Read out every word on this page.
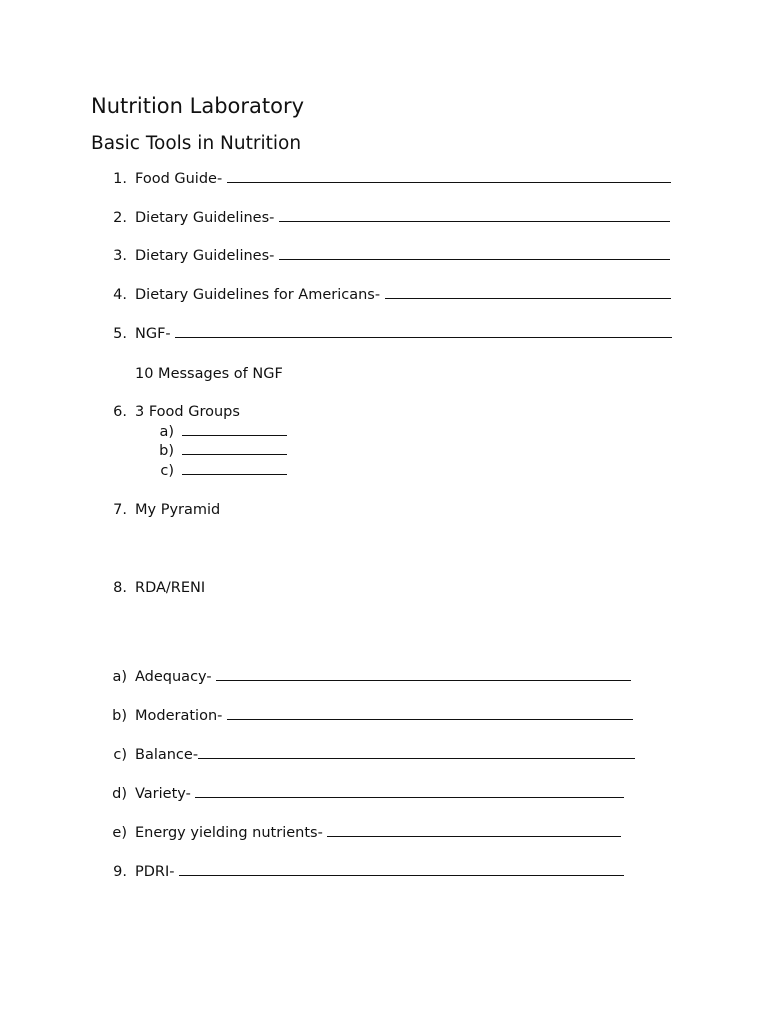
Nutrition Laboratory
Basic Tools in Nutrition
1. Food Guide-
2. Dietary Guidelines-
3. Dietary Guidelines-
4. Dietary Guidelines for Americans-
5. NGF-
10 Messages of NGF
6. 3 Food Groups
a)
b)
c)
7. My Pyramid
8. RDA/RENI
a) Adequacy-
b) Moderation-
c) Balance-
d) Variety-
e) Energy yielding nutrients-
9. PDRI-
